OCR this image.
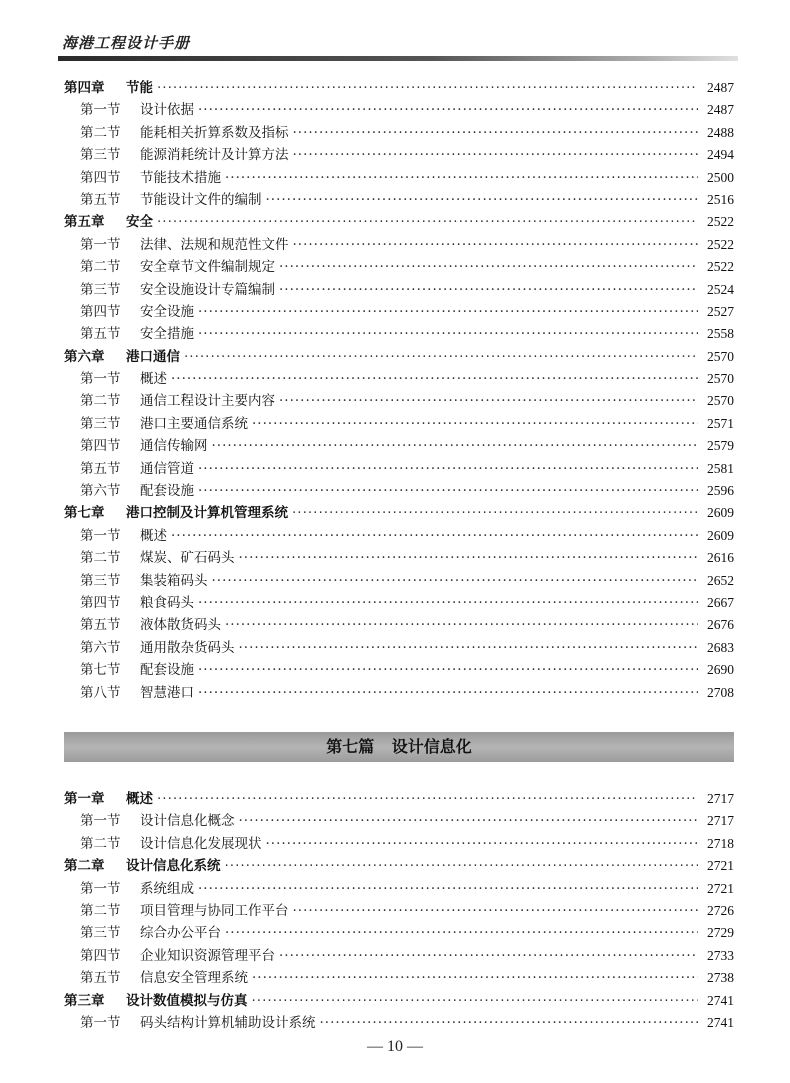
海港工程设计手册
第四章	节能 ·····	2487
第一节	设计依据 ·····	2487
第二节	能耗相关折算系数及指标 ·····	2488
第三节	能源消耗统计及计算方法 ·····	2494
第四节	节能技术措施 ·····	2500
第五节	节能设计文件的编制 ·····	2516
第五章	安全 ·····	2522
第一节	法律、法规和规范性文件 ·····	2522
第二节	安全章节文件编制规定 ·····	2522
第三节	安全设施设计专篇编制 ·····	2524
第四节	安全设施 ·····	2527
第五节	安全措施 ·····	2558
第六章	港口通信 ·····	2570
第一节	概述 ·····	2570
第二节	通信工程设计主要内容 ·····	2570
第三节	港口主要通信系统 ·····	2571
第四节	通信传输网 ·····	2579
第五节	通信管道 ·····	2581
第六节	配套设施 ·····	2596
第七章	港口控制及计算机管理系统 ·····	2609
第一节	概述 ·····	2609
第二节	煤炭、矿石码头 ·····	2616
第三节	集装箱码头 ·····	2652
第四节	粮食码头 ·····	2667
第五节	液体散货码头 ·····	2676
第六节	通用散杂货码头 ·····	2683
第七节	配套设施 ·····	2690
第八节	智慧港口 ·····	2708
第七篇 设计信息化
第一章	概述 ·····	2717
第一节	设计信息化概念 ·····	2717
第二节	设计信息化发展现状 ·····	2718
第二章	设计信息化系统 ·····	2721
第一节	系统组成 ·····	2721
第二节	项目管理与协同工作平台 ·····	2726
第三节	综合办公平台 ·····	2729
第四节	企业知识资源管理平台 ·····	2733
第五节	信息安全管理系统 ·····	2738
第三章	设计数值模拟与仿真 ·····	2741
第一节	码头结构计算机辅助设计系统 ·····	2741
— 10 —
